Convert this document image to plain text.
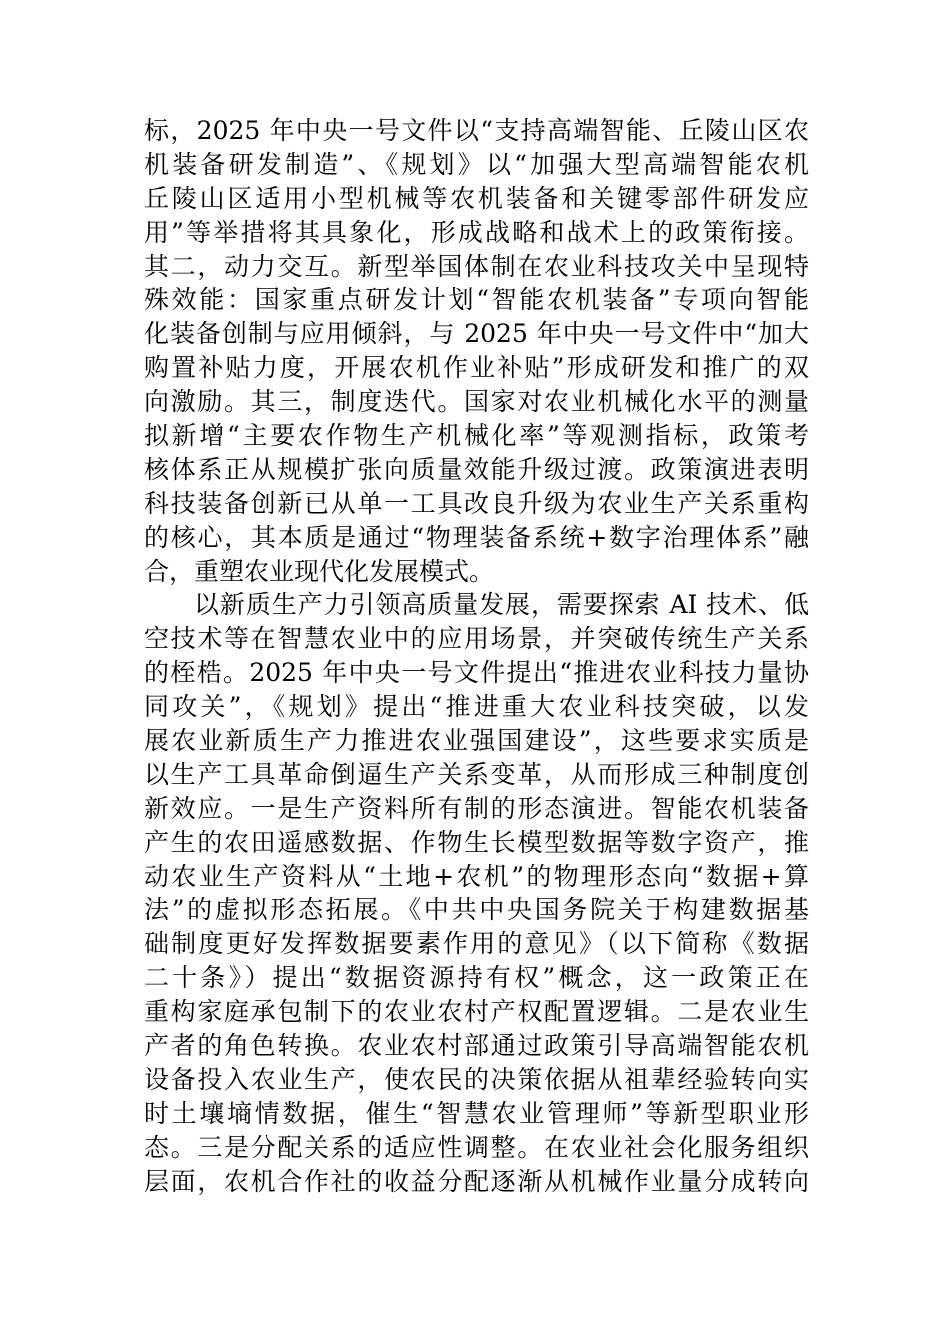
标，2025 年中央一号文件以“支持高端智能、丘陵山区农
机装备研发制造”、《规划》以“加强大型高端智能农机
丘陵山区适用小型机械等农机装备和关键零部件研发应
用”等举措将其具象化，形成战略和战术上的政策衔接。
其二，动力交互。新型举国体制在农业科技攻关中呈现特
殊效能：国家重点研发计划“智能农机装备”专项向智能
化装备创制与应用倾斜，与 2025 年中央一号文件中“加大
购置补贴力度，开展农机作业补贴”形成研发和推广的双
向激励。其三，制度迭代。国家对农业机械化水平的测量
拟新增“主要农作物生产机械化率”等观测指标，政策考
核体系正从规模扩张向质量效能升级过渡。政策演进表明
科技装备创新已从单一工具改良升级为农业生产关系重构
的核心，其本质是通过“物理装备系统+数字治理体系”融
合，重塑农业现代化发展模式。
以新质生产力引领高质量发展，需要探索 AI 技术、低
空技术等在智慧农业中的应用场景，并突破传统生产关系
的桎梏。2025 年中央一号文件提出“推进农业科技力量协
同攻关”，《规划》提出“推进重大农业科技突破，以发
展农业新质生产力推进农业强国建设”，这些要求实质是
以生产工具革命倒逼生产关系变革，从而形成三种制度创
新效应。一是生产资料所有制的形态演进。智能农机装备
产生的农田遥感数据、作物生长模型数据等数字资产，推
动农业生产资料从“土地+农机”的物理形态向“数据+算
法”的虚拟形态拓展。《中共中央国务院关于构建数据基
础制度更好发挥数据要素作用的意见》（以下简称《数据
二十条》）提出“数据资源持有权”概念，这一政策正在
重构家庭承包制下的农业农村产权配置逻辑。二是农业生
产者的角色转换。农业农村部通过政策引导高端智能农机
设备投入农业生产，使农民的决策依据从祖辈经验转向实
时土壤墒情数据，催生“智慧农业管理师”等新型职业形
态。三是分配关系的适应性调整。在农业社会化服务组织
层面，农机合作社的收益分配逐渐从机械作业量分成转向
